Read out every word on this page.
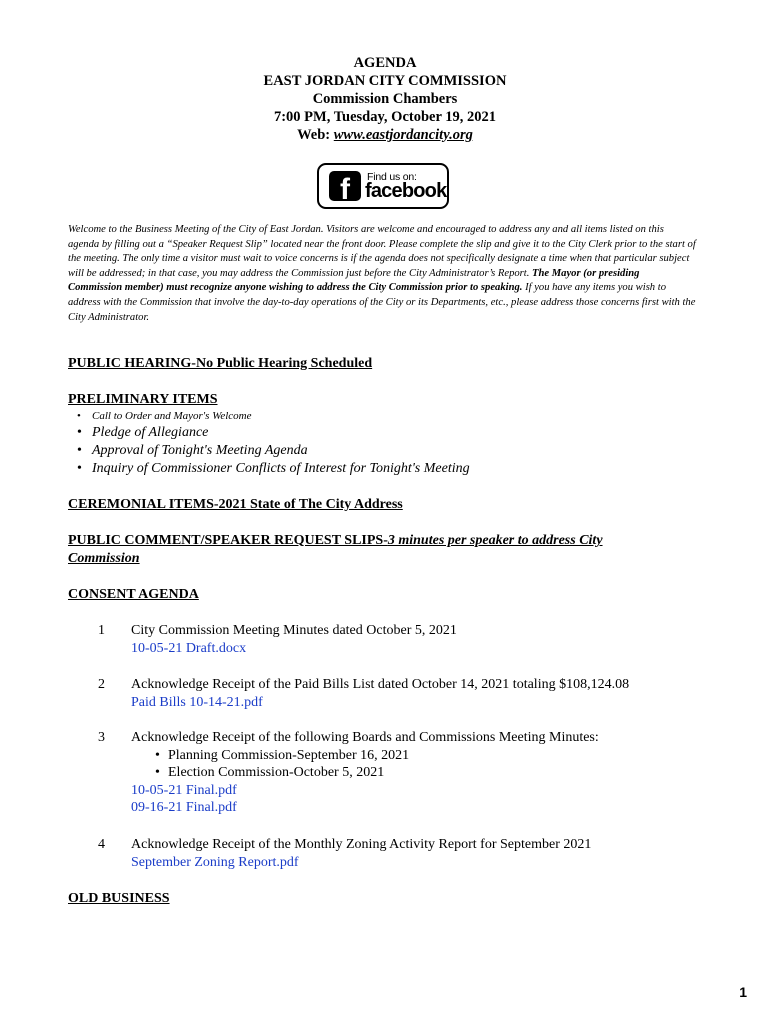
AGENDA
EAST JORDAN CITY COMMISSION
Commission Chambers
7:00 PM, Tuesday, October 19, 2021
Web: www.eastjordancity.org
f	Find us on:
facebook
Welcome to the Business Meeting of the City of East Jordan. Visitors are welcome and encouraged to address any and all items listed on this agenda by filling out a “Speaker Request Slip” located near the front door. Please complete the slip and give it to the City Clerk prior to the start of the meeting. The only time a visitor must wait to voice concerns is if the agenda does not specifically designate a time when that particular subject will be addressed; in that case, you may address the Commission just before the City Administrator’s Report. The Mayor (or presiding Commission member) must recognize anyone wishing to address the City Commission prior to speaking. If you have any items you wish to address with the Commission that involve the day-to-day operations of the City or its Departments, etc., please address those concerns first with the City Administrator.
PUBLIC HEARING-No Public Hearing Scheduled
PRELIMINARY ITEMS
• Call to Order and Mayor's Welcome
• Pledge of Allegiance
• Approval of Tonight's Meeting Agenda
• Inquiry of Commissioner Conflicts of Interest for Tonight's Meeting
CEREMONIAL ITEMS-2021 State of The City Address
PUBLIC COMMENT/SPEAKER REQUEST SLIPS-3 minutes per speaker to address City
Commission
CONSENT AGENDA
1 City Commission Meeting Minutes dated October 5, 2021
10-05-21 Draft.docx
2 Acknowledge Receipt of the Paid Bills List dated October 14, 2021 totaling $108,124.08
Paid Bills 10-14-21.pdf
3 Acknowledge Receipt of the following Boards and Commissions Meeting Minutes:
• Planning Commission-September 16, 2021
• Election Commission-October 5, 2021
10-05-21 Final.pdf
09-16-21 Final.pdf
4 Acknowledge Receipt of the Monthly Zoning Activity Report for September 2021
September Zoning Report.pdf
OLD BUSINESS
1
